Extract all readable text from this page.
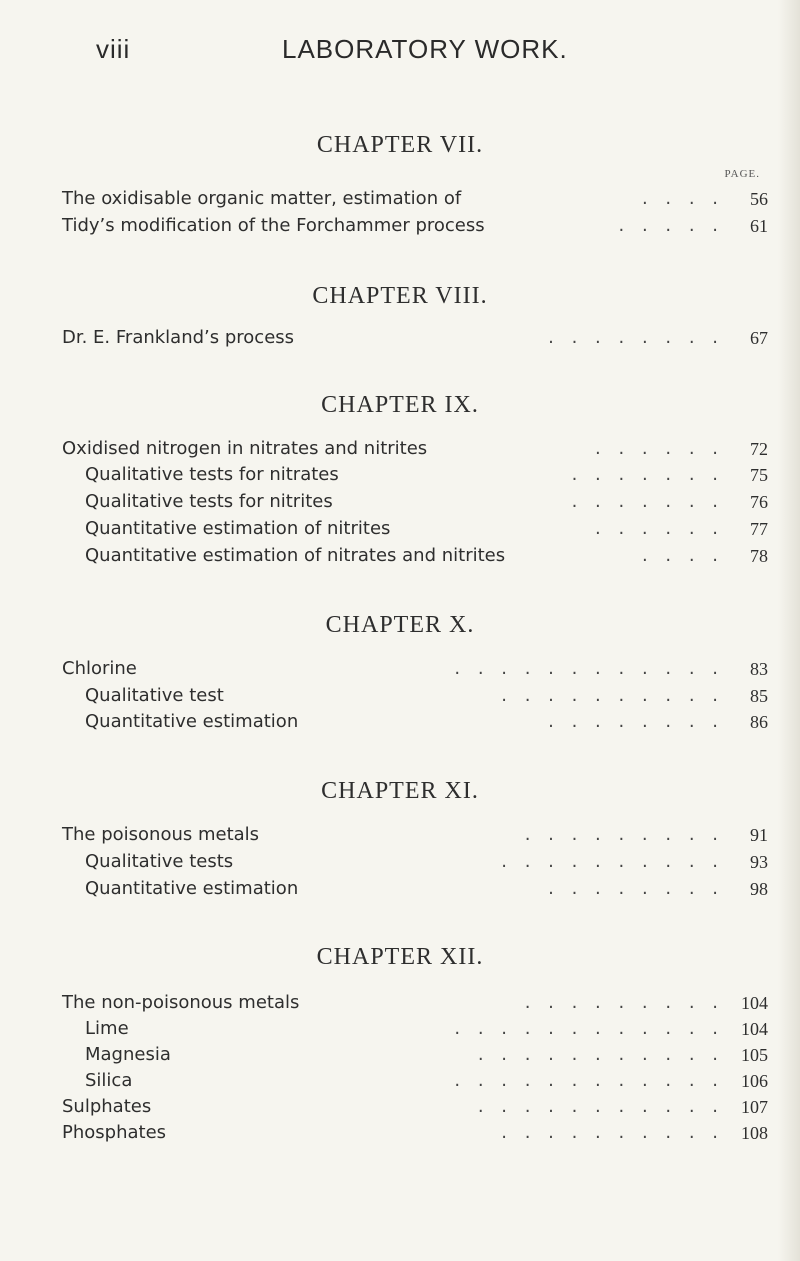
viii	LABORATORY WORK.
PAGE.
CHAPTER VII.
The oxidisable organic matter, estimation of	. . . .	56
Tidy’s modification of the Forchammer process	. . . . .	61
CHAPTER VIII.
Dr. E. Frankland’s process	. . . . . . . .	67
CHAPTER IX.
Oxidised nitrogen in nitrates and nitrites	. . . . . .	72
Qualitative tests for nitrates	. . . . . . .	75
Qualitative tests for nitrites	. . . . . . .	76
Quantitative estimation of nitrites	. . . . . .	77
Quantitative estimation of nitrates and nitrites	. . . .	78
CHAPTER X.
Chlorine	. . . . . . . . . . . .	83
Qualitative test	. . . . . . . . . .	85
Quantitative estimation	. . . . . . . .	86
CHAPTER XI.
The poisonous metals	. . . . . . . . .	91
Qualitative tests	. . . . . . . . . .	93
Quantitative estimation	. . . . . . . .	98
CHAPTER XII.
The non-poisonous metals	. . . . . . . . . 104
Lime	. . . . . . . . . . . . 104
Magnesia	. . . . . . . . . . . 105
Silica	. . . . . . . . . . . . 106
Sulphates	. . . . . . . . . . . 107
Phosphates	. . . . . . . . . . 108
